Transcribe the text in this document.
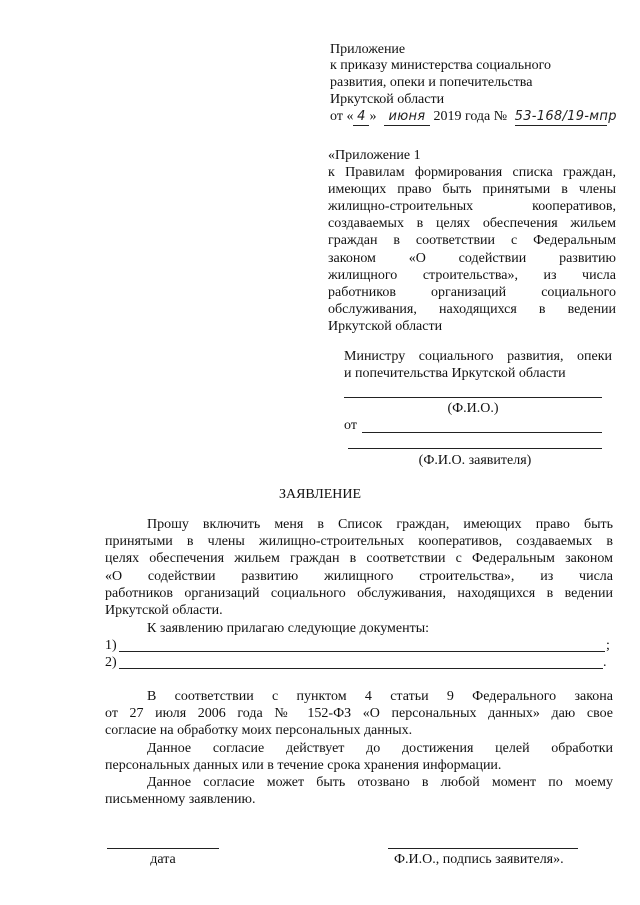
Приложение
к приказу министерства социального
развития, опеки и попечительства
Иркутской области
от « 4 » июня 2019 года № 53-168/19-мпр
«Приложение 1
к Правилам формирования списка граждан,
имеющих право быть принятыми в члены
жилищно-строительных кооперативов,
создаваемых в целях обеспечения жильем
граждан в соответствии с Федеральным
законом «О содействии развитию
жилищного строительства», из числа
работников организаций социального
обслуживания, находящихся в ведении
Иркутской области
Министру социального развития, опеки
и попечительства Иркутской области
(Ф.И.О.)
от
(Ф.И.О. заявителя)
ЗАЯВЛЕНИЕ
Прошу включить меня в Список граждан, имеющих право быть
принятыми в члены жилищно-строительных кооперативов, создаваемых в
целях обеспечения жильем граждан в соответствии с Федеральным законом
«О содействии развитию жилищного строительства», из числа
работников организаций социального обслуживания, находящихся в ведении
Иркутской области.
К заявлению прилагаю следующие документы:
1)	;
2)	.
В соответствии с пунктом 4 статьи 9 Федерального закона
от 27 июля 2006 года № 152-ФЗ «О персональных данных» даю свое
согласие на обработку моих персональных данных.
Данное согласие действует до достижения целей обработки
персональных данных или в течение срока хранения информации.
Данное согласие может быть отозвано в любой момент по моему
письменному заявлению.
дата	Ф.И.О., подпись заявителя».
